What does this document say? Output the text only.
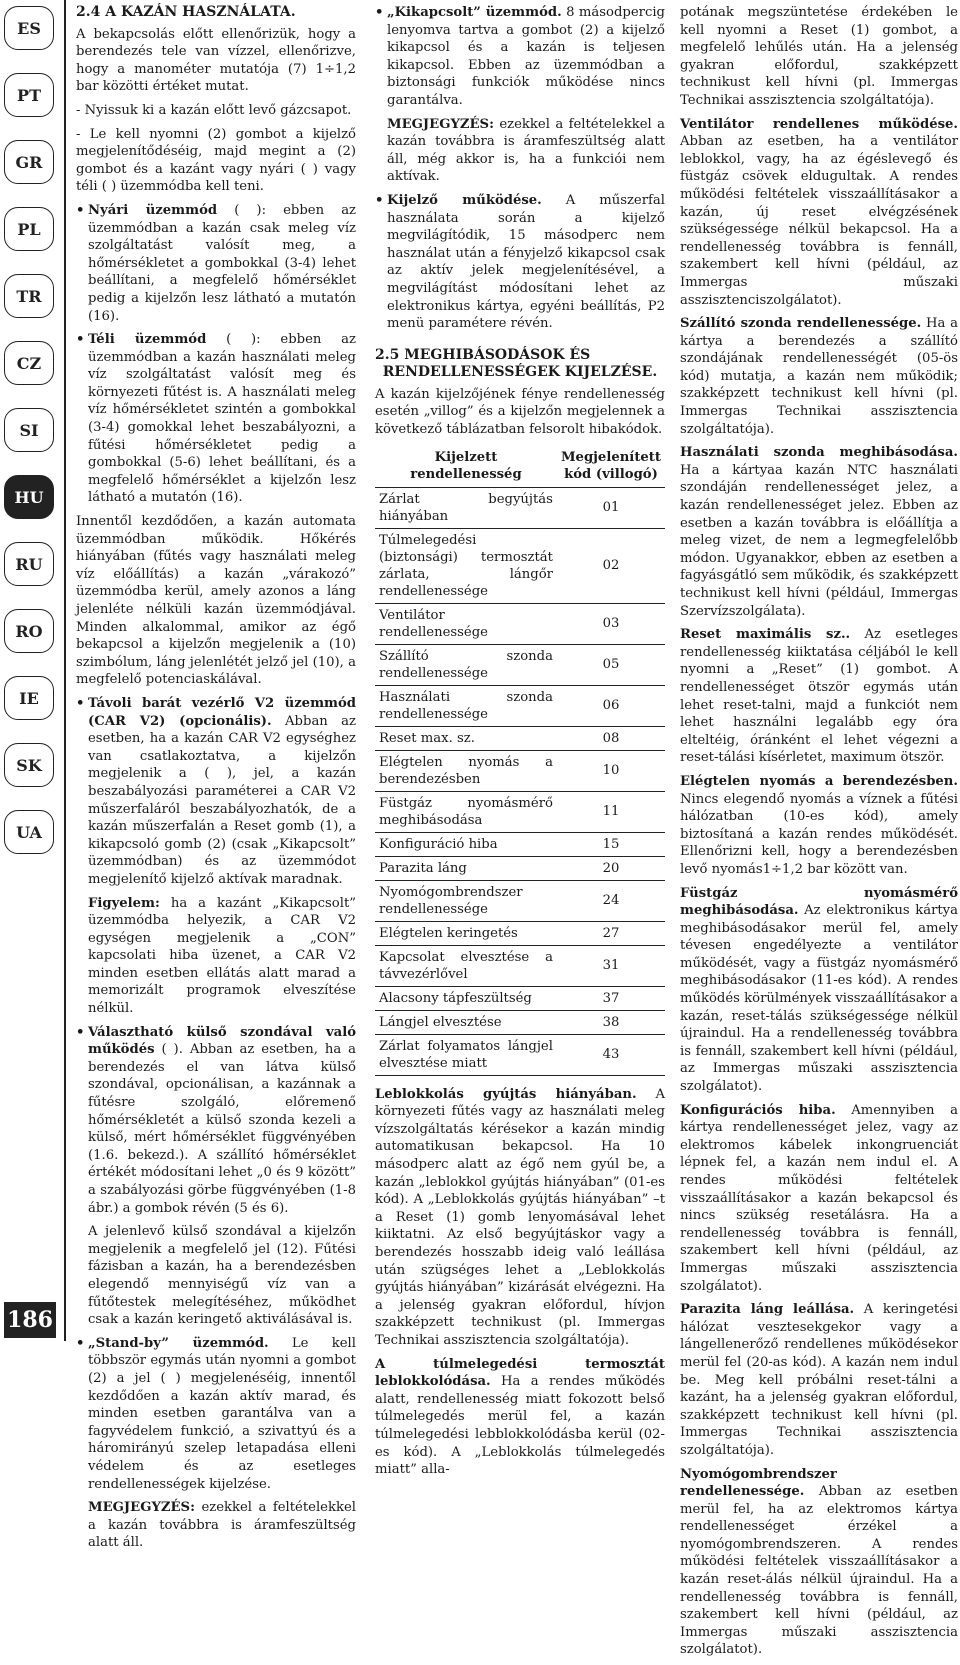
ES
PT
GR
PL
TR
CZ
SI
HU
RU
RO
IE
SK
UA
186
2.4 A KAZÁN HASZNÁLATA.

A bekapcsolás előtt ellenőrizük, hogy a berendezés tele van vízzel, ellenőrizve, hogy a manométer mutatója (7) 1÷1,2 bar közötti értéket mutat.

- Nyissuk ki a kazán előtt levő gázcsapot.

- Le kell nyomni (2) gombot a kijelző megjelenítődéséig, majd megint a (2) gombot és a kazánt vagy nyári ( ) vagy téli ( ) üzemmódba kell teni.

• Nyári üzemmód ( ): ebben az üzemmódban a kazán csak meleg víz szolgáltatást valósít meg, a hőmérsékletet a gombokkal (3-4) lehet beállítani, a megfelelő hőmérséklet pedig a kijelzőn lesz látható a mutatón (16).
• Téli üzemmód ( ): ebben az üzemmódban a kazán használati meleg víz szolgáltatást valósít meg és környezeti fűtést is. A használati meleg víz hőmérsékletet szintén a gombokkal (3-4) gomokkal lehet beszabályozni, a fűtési hőmérsékletet pedig a gombokkal (5-6) lehet beállítani, és a megfelelő hőmérséklet a kijelzőn lesz látható a mutatón (16).

Innentől kezdődően, a kazán automata üzemmódban működik. Hőkérés hiányában (fűtés vagy használati meleg víz előállítás) a kazán „várakozó” üzemmódba kerül, amely azonos a láng jelenléte nélküli kazán üzemmódjával. Minden alkalommal, amikor az égő bekapcsol a kijelzőn megjelenik a (10) szimbólum, láng jelenlétét jelző jel (10), a megfelelő potenciaskálával.

• Távoli barát vezérlő V2 üzemmód (CAR V2) (opcionális). Abban az esetben, ha a kazán CAR V2 egységhez van csatlakoztatva, a kijelzőn megjelenik a ( ), jel, a kazán beszabályozási paraméterei a CAR V2 műszerfaláról beszabályozhatók, de a kazán műszerfalán a Reset gomb (1), a kikapcsoló gomb (2) (csak „Kikapcsolt” üzemmódban) és az üzemmódot megjelenítő kijelző aktívak maradnak.

Figyelem: ha a kazánt „Kikapcsolt” üzemmódba helyezik, a CAR V2 egységen megjelenik a „CON” kapcsolati hiba üzenet, a CAR V2 minden esetben ellátás alatt marad a memorizált programok elveszítése nélkül.

• Választható külső szondával való működés ( ). Abban az esetben, ha a berendezés el van látva külső szondával, opcionálisan, a kazánnak a fűtésre szolgáló, előremenő hőmérsékletét a külső szonda kezeli a külső, mért hőmérséklet függvényében (1.6. bekezd.). A szállító hőmérséklet értékét módosítani lehet „0 és 9 között” a szabályozási görbe függvényében (1-8 ábr.) a gombok révén (5 és 6).

A jelenlevő külső szondával a kijelzőn megjelenik a megfelelő jel (12). Fűtési fázisban a kazán, ha a berendezésben elegendő mennyiségű víz van a fűtőtestek melegítéséhez, működhet csak a kazán keringető aktiválásával is.

• „Stand-by” üzemmód. Le kell többször egymás után nyomni a gombot (2) a jel ( ) megjelenéséig, innentől kezdődően a kazán aktív marad, és minden esetben garantálva van a fagyvédelem funkció, a szivattyú és a háromirányú szelep letapadása elleni védelem és az esetleges rendellenességek kijelzése.

MEGJEGYZÉS: ezekkel a feltételekkel a kazán továbbra is áramfeszültség alatt áll.

• „Kikapcsolt” üzemmód. 8 másodpercig lenyomva tartva a gombot (2) a kijelző kikapcsol és a kazán is teljesen kikapcsol. Ebben az üzemmódban a biztonsági funkciók működése nincs garantálva.

MEGJEGYZÉS: ezekkel a feltételekkel a kazán továbbra is áramfeszültség alatt áll, még akkor is, ha a funkciói nem aktívak.

• Kijelző működése. A műszerfal használata során a kijelző megvilágítódik, 15 másodperc nem használat után a fényjelző kikapcsol csak az aktív jelek megjelenítésével, a megvilágítást módosítani lehet az elektronikus kártya, egyéni beállítás, P2 menü paramétere révén.
2.5 MEGHIBÁSODÁSOK ÉS
RENDELLENESSÉGEK KIJELZÉSE.

A kazán kijelzőjének fénye rendellenesség esetén „villog” és a kijelzőn megjelennek a következő táblázatban felsorolt hibakódok.

Kijelzett rendellenesség	Megjelenített kód (villogó)
Zárlat begyújtás hiányában	01
Túlmelegedési (biztonsági) termosztát zárlata, lángőr rendellenessége	02
Ventilátor rendellenessége	03
Szállító szonda rendellenessége	05
Használati szonda rendellenessége	06
Reset max. sz.	08
Elégtelen nyomás a berendezésben	10
Füstgáz nyomásmérő meghibásodása	11
Konfiguráció hiba	15
Parazita láng	20
Nyomógombrendszer rendellenessége	24
Elégtelen keringetés	27
Kapcsolat elvesztése a távvezérlővel	31
Alacsony tápfeszültség	37
Lángjel elvesztése	38
Zárlat folyamatos lángjel elvesztése miatt	43

Leblokkolás gyújtás hiányában. A környezeti fűtés vagy az használati meleg vízszolgáltatás kérésekor a kazán mindig automatikusan bekapcsol. Ha 10 másodperc alatt az égő nem gyúl be, a kazán „leblokkol gyújtás hiányában” (01-es kód). A „Leblokkolás gyújtás hiányában” –t a Reset (1) gomb lenyomásával lehet kiiktatni. Az első begyújtáskor vagy a berendezés hosszabb ideig való leállása után szügséges lehet a „Leblokkolás gyújtás hiányában” kizárását elvégezni. Ha a jelenség gyakran előfordul, hívjon szakképzett technikust (pl. Immergas Technikai asszisztencia szolgáltatója).

A túlmelegedési termosztát leblokkolódása. Ha a rendes működés alatt, rendellenesség miatt fokozott belső túlmelegedés merül fel, a kazán túlmelegedési lebblokkolódásba kerül (02-es kód). A „Leblokkolás túlmelegedés miatt” alla-

potának megszüntetése érdekében le kell nyomni a Reset (1) gombot, a megfelelő lehűlés után. Ha a jelenség gyakran előfordul, szakképzett technikust kell hívni (pl. Immergas Technikai asszisztencia szolgáltatója).

Ventilátor rendellenes működése. Abban az esetben, ha a ventilátor leblokkol, vagy, ha az égéslevegő és füstgáz csövek eldugultak. A rendes működési feltételek visszaállításakor a kazán, új reset elvégzésének szükségessége nélkül bekapcsol. Ha a rendellenesség továbbra is fennáll, szakembert kell hívni (például, az Immergas műszaki asszisztenciszolgálatot).

Szállító szonda rendellenessége. Ha a kártya a berendezés a szállító szondájának rendellenességét (05-ös kód) mutatja, a kazán nem működik; szakképzett technikust kell hívni (pl. Immergas Technikai asszisztencia szolgáltatója).

Használati szonda meghibásodása. Ha a kártyaa kazán NTC használati szondáján rendellenességet jelez, a kazán rendellenességet jelez. Ebben az esetben a kazán továbbra is előállítja a meleg vizet, de nem a legmegfelelőbb módon. Ugyanakkor, ebben az esetben a fagyásgátló sem működik, és szakképzett technikust kell hívni (például, Immergas Szervízszolgálata).

Reset maximális sz.. Az esetleges rendellenesség kiiktatása céljából le kell nyomni a „Reset” (1) gombot. A rendellenességet ötször egymás után lehet reset-talni, majd a funkciót nem lehet használni legalább egy óra elteltéig, óránként el lehet végezni a reset-tálási kísérletet, maximum ötször.

Elégtelen nyomás a berendezésben. Nincs elegendő nyomás a víznek a fűtési hálózatban (10-es kód), amely biztosítaná a kazán rendes működését. Ellenőrizni kell, hogy a berendezésben levő nyomás1÷1,2 bar között van.

Füstgáz nyomásmérő meghibásodása. Az elektronikus kártya meghibásodásakor merül fel, amely tévesen engedélyezte a ventilátor működését, vagy a füstgáz nyomásmérő meghibásodásakor (11-es kód). A rendes működés körülmények visszaállításakor a kazán, reset-tálás szükségessége nélkül újraindul. Ha a rendellenesség továbbra is fennáll, szakembert kell hívni (például, az Immergas műszaki asszisztencia szolgálatot).

Konfigurációs hiba. Amennyiben a kártya rendellenességet jelez, vagy az elektromos kábelek inkongruenciát lépnek fel, a kazán nem indul el. A rendes működési feltételek visszaállításakor a kazán bekapcsol és nincs szükség resetálásra. Ha a rendellenesség továbbra is fennáll, szakembert kell hívni (például, az Immergas műszaki asszisztencia szolgálatot).

Parazita láng leállása. A keringetési hálózat vesztesekgekor vagy a lángellenerőző rendellenes működésekor merül fel (20-as kód). A kazán nem indul be. Meg kell próbálni reset-tálni a kazánt, ha a jelenség gyakran előfordul, szakképzett technikust kell hívni (pl. Immergas Technikai asszisztencia szolgáltatója).

Nyomógombrendszer rendellenessége. Abban az esetben merül fel, ha az elektromos kártya rendellenességet érzékel a nyomógombrendszeren. A rendes működési feltételek visszaállításakor a kazán reset-álás nélkül újraindul. Ha a rendellenesség továbbra is fennáll, szakembert kell hívni (például, az Immergas műszaki asszisztencia szolgálatot).
